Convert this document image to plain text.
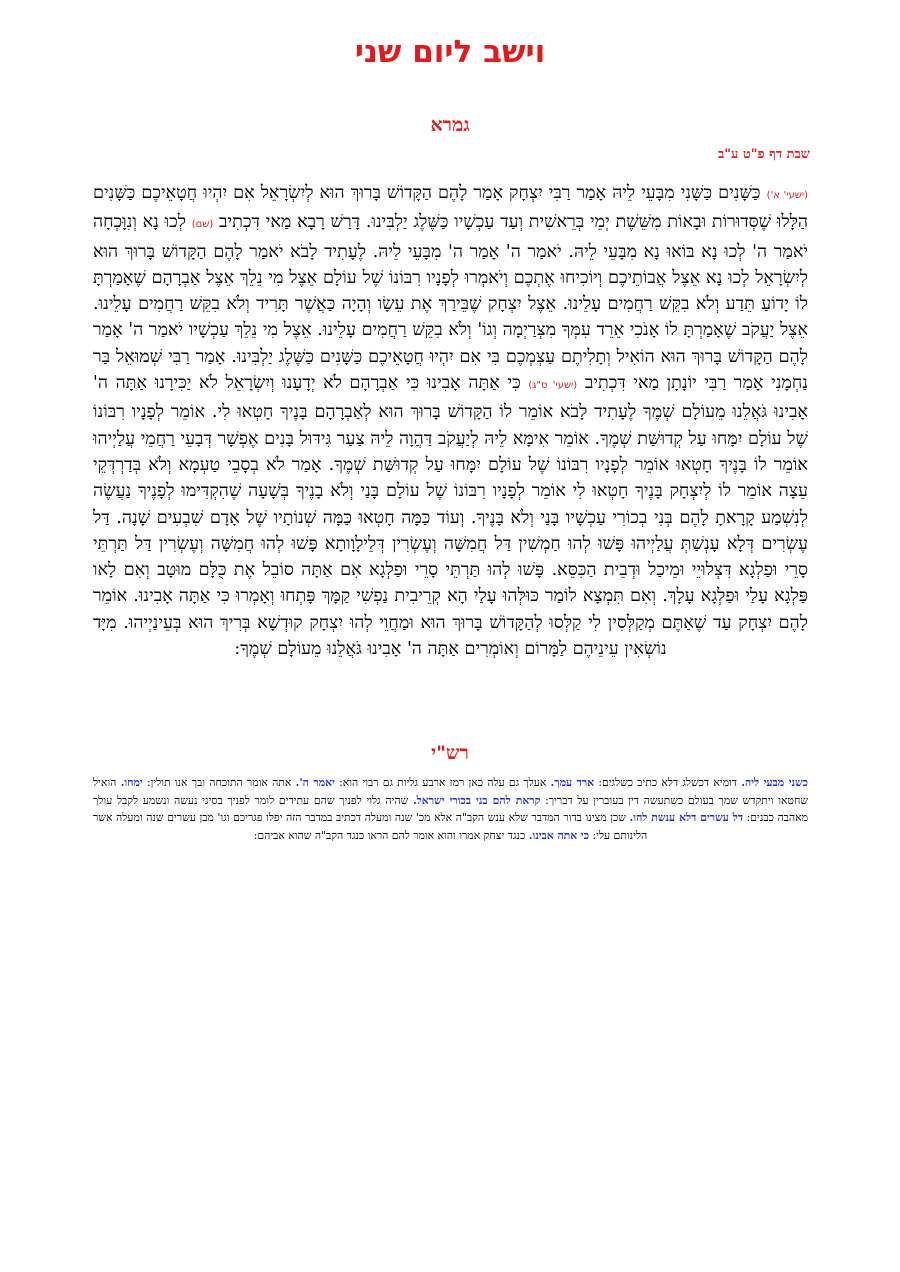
וישב ליום שני
גמרא
שבת דף פ"ט ע"ב
(ישעי' א') כַּשָּׁנִים כַּשָּׁנִי מִבָּעֵי לֵיהּ אָמַר רַבִּי יִצְחָק אָמַר לָהֶם הַקָּדוֹשׁ בָּרוּךְ הוּא לְיִשְׂרָאֵל אִם יִהְיוּ חֲטָאֵיכֶם כַּשָּׁנִים הַלָּלוּ שֶׁסְּדוּרוֹת וּבָאוֹת מִשֵּׁשֶׁת יְמֵי בְּרֵאשִׁית וְעַד עַכְשָׁיו כַּשֶּׁלֶג יַלְבִּינוּ. דָּרַשׁ רָבָא מַאי דִּכְתִיב (שם) לְכוּ נָא וְנִוָּכְחָה יֹאמַר ה' לְכוּ נָא בּוֹאוּ נָא מִבָּעֵי לֵיהּ. יֹאמַר ה' אָמַר ה' מִבָּעֵי לֵיהּ. לֶעָתִיד לָבֹא יֹאמַר לָהֶם הַקָּדוֹשׁ בָּרוּךְ הוּא לְיִשְׂרָאֵל לְכוּ נָא אֵצֶל אֲבוֹתֵיכֶם וְיוֹכִיחוּ אֶתְכֶם וְיֹאמְרוּ לְפָנָיו רִבּוֹנוֹ שֶׁל עוֹלָם אֵצֶל מִי נֵלֵךְ אֵצֶל אַבְרָהָם שֶׁאָמַרְתָּ לוֹ יָדוֹעַ תֵּדַע וְלֹא בִקֵּשׁ רַחֲמִים עָלֵינוּ. אֵצֶל יִצְחָק שֶׁבֵּירַךְ אֶת עֵשָׂו וְהָיָה כַּאֲשֶׁר תָּרִיד וְלֹא בִקֵּשׁ רַחֲמִים עָלֵינוּ. אֵצֶל יַעֲקֹב שֶׁאָמַרְתָּ לוֹ אָנֹכִי אֵרֵד עִמְּךָ מִצְרַיְמָה וְגוֹ' וְלֹא בִקֵּשׁ רַחֲמִים עָלֵינוּ. אֵצֶל מִי נֵלֵךְ עַכְשָׁיו יֹאמַר ה' אָמַר לָהֶם הַקָּדוֹשׁ בָּרוּךְ הוּא הוֹאִיל וְתָלִיתֶם עַצְמְכֶם בִּי אִם יִהְיוּ חֲטָאֵיכֶם כַּשָּׁנִים כַּשֶּׁלֶג יַלְבִּינוּ. אָמַר רַבִּי שְׁמוּאֵל בַּר נַחְמָנִי אָמַר רַבִּי יוֹנָתָן מַאי דִּכְתִיב (ישעי' ס"ג) כִּי אַתָּה אָבִינוּ כִּי אַבְרָהָם לֹא יְדָעָנוּ וְיִשְׂרָאֵל לֹא יַכִּירָנוּ אַתָּה ה' אָבִינוּ גֹּאֲלֵנוּ מֵעוֹלָם שְׁמֶךָ לֶעָתִיד לָבֹא אוֹמֵר לוֹ הַקָּדוֹשׁ בָּרוּךְ הוּא לְאַבְרָהָם בָּנֶיךָ חָטְאוּ לִי. אוֹמֵר לְפָנָיו רִבּוֹנוֹ שֶׁל עוֹלָם יִמָּחוּ עַל קְדוּשַּׁת שְׁמֶךָ. אוֹמֵר אִימָּא לֵיהּ לְיַעֲקֹב דַּהֲוָה לֵיהּ צַעַר גִּידּוּל בָּנִים אֶפְשָׁר דְּבָעֵי רַחֲמֵי עֲלַיְיהוּ אוֹמֵר לוֹ בָּנֶיךָ חָטְאוּ אוֹמֵר לְפָנָיו רִבּוֹנוֹ שֶׁל עוֹלָם יִמָּחוּ עַל קְדוּשַּׁת שְׁמֶךָ. אָמַר לֹא בְסָבֵי טַעְמָא וְלֹא בְּדַרְדְּקֵי עֵצָה אוֹמֵר לוֹ לְיִצְחָק בָּנֶיךָ חָטְאוּ לִי אוֹמֵר לְפָנָיו רִבּוֹנוֹ שֶׁל עוֹלָם בָּנַי וְלֹא בָנֶיךָ בְּשָׁעָה שֶׁהִקְדִּימוּ לְפָנֶיךָ נַעֲשֶׂה לְנִשְׁמַע קָרָאתָ לָהֶם בְּנִי בְכוֹרִי עַכְשָׁיו בָּנַי וְלֹא בָּנֶיךָ. וְעוֹד כַּמָּה חָטְאוּ כַּמָּה שְׁנוֹתָיו שֶׁל אָדָם שִׁבְעִים שָׁנָה. דַּל עֶשְׂרִים דְּלָא עָנְשַׁתְּ עֲלַיְיהוּ פָּשׁוּ לְהוּ חַמְשִׁין דַּל חֲמִשָּׁה וְעֶשְׂרִין דְּלֵילָוָותָא פָּשׁוּ לְהוּ חֲמִשָּׁה וְעֶשְׂרִין דַּל תַּרְתֵּי סָרֵי וּפַלְגָא דִּצְלוּיֵי וּמֵיכַל וּדְבֵית הַכִּסֵּא. פָּשׁוּ לְהוּ תַּרְתֵּי סָרֵי וּפַלְגָא אִם אַתָּה סוֹבֵל אֶת כֻּלָּם מוּטָב וְאִם לָאו פַּלְגָא עָלַי וּפַלְגָא עָלָךְ. וְאִם תִּמְצָא לוֹמַר כּוּלְּהוּ עָלַי הָא קְרֵיבִית נַפְשִׁי קַמָּךְ פָּתְחוּ וְאָמְרוּ כִּי אַתָּה אָבִינוּ. אוֹמֵר לָהֶם יִצְחָק עַד שֶׁאַתֶּם מְקַלְּסִין לִי קַלְּסוּ לְהַקָּדוֹשׁ בָּרוּךְ הוּא וּמַחֲוֵי לְהוּ יִצְחָק קוּדְשָׁא בְּרִיךְ הוּא בְּעֵינַיְיהוּ. מִיָּד נוֹשְׂאִין עֵינֵיהֶם לַמָּרוֹם וְאוֹמְרִים אַתָּה ה' אָבִינוּ גֹּאֲלֵנוּ מֵעוֹלָם שְׁמֶךָ:
רש"י
כשני מבעי ליה. דומיא דכשלג דלא כתיב כשלגים: ארד עמך. אעלך גם עלה כאן רמז ארבע גליות גם רבוי הוא: יאמר ה'. אתה אומר התוכחה ובך אנו תולין: ימחו. הואיל שחטאו ויתקדש שמך בעולם כשתעשה דין בעוברין על דבריך: קראת להם בני בכורי ישראל. שהיה גלוי לפניך שהם עתידים לומר לפניך בסיני נעשה ונשמע לקבל עולך מאהבה כבנים: דל עשרים דלא ענשת להו. שכן מצינו בדור המדבר שלא ענש הקב"ה אלא מכ' שנה ומעלה דכתיב במדבר הזה יפלו פגריכם וגו' מבן עשרים שנה ומעלה אשר הלינותם עלי: כי אתה אבינו. כנגד יצחק אמרו והוא אומר להם הראו כנגד הקב"ה שהוא אביהם:
